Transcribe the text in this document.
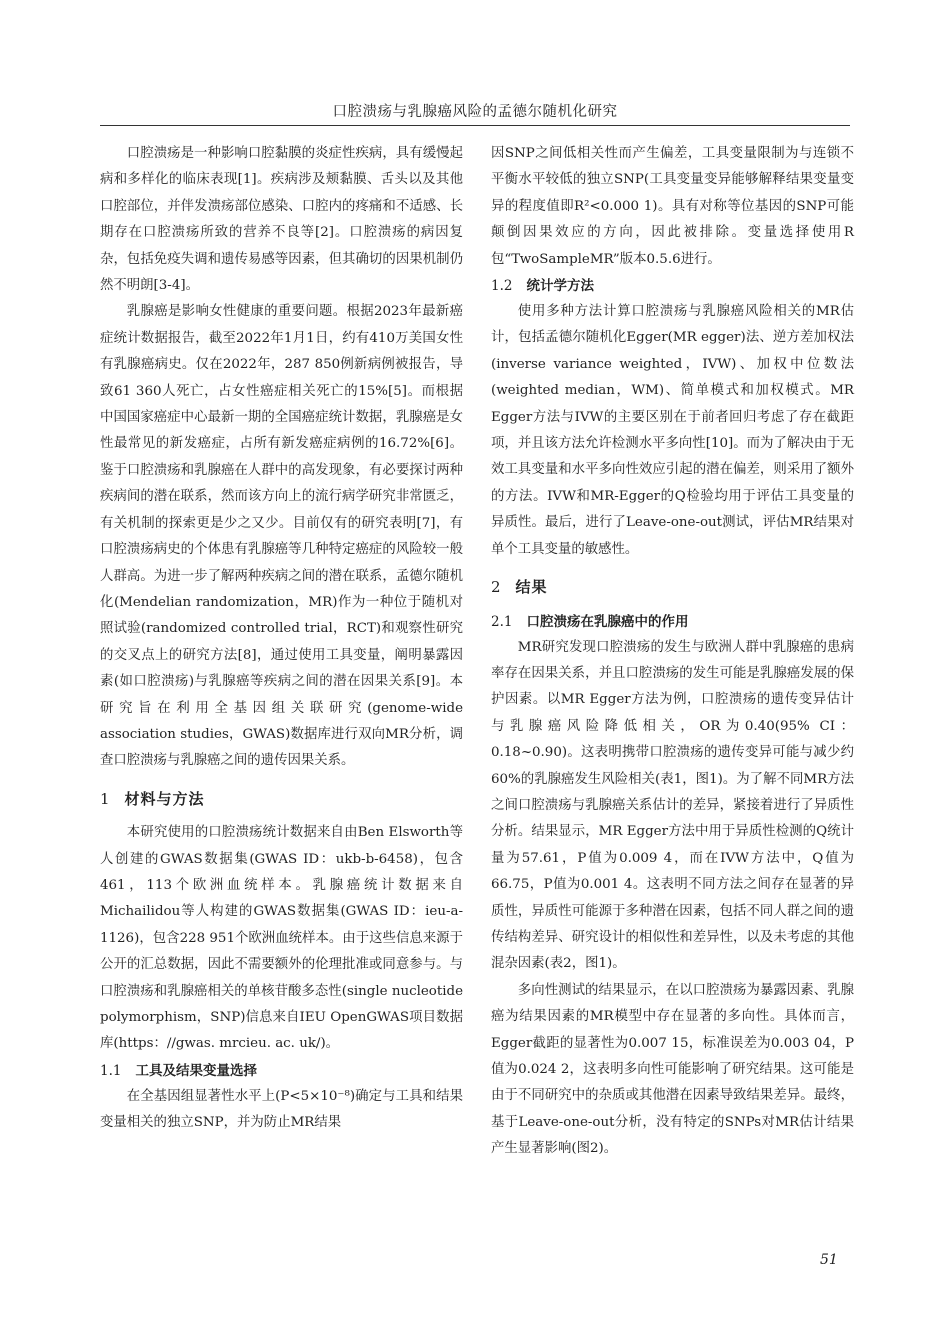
口腔溃疡与乳腺癌风险的孟德尔随机化研究

口腔溃疡是一种影响口腔黏膜的炎症性疾病，具有缓慢起病和多样化的临床表现[1]。疾病涉及颊黏膜、舌头以及其他口腔部位，并伴发溃疡部位感染、口腔内的疼痛和不适感、长期存在口腔溃疡所致的营养不良等[2]。口腔溃疡的病因复杂，包括免疫失调和遗传易感等因素，但其确切的因果机制仍然不明朗[3-4]。

乳腺癌是影响女性健康的重要问题。根据2023年最新癌症统计数据报告，截至2022年1月1日，约有410万美国女性有乳腺癌病史。仅在2022年，287 850例新病例被报告，导致61 360人死亡，占女性癌症相关死亡的15%[5]。而根据中国国家癌症中心最新一期的全国癌症统计数据，乳腺癌是女性最常见的新发癌症，占所有新发癌症病例的16.72%[6]。鉴于口腔溃疡和乳腺癌在人群中的高发现象，有必要探讨两种疾病间的潜在联系，然而该方向上的流行病学研究非常匮乏，有关机制的探索更是少之又少。目前仅有的研究表明[7]，有口腔溃疡病史的个体患有乳腺癌等几种特定癌症的风险较一般人群高。为进一步了解两种疾病之间的潜在联系，孟德尔随机化(Mendelian randomization，MR)作为一种位于随机对照试验(randomized controlled trial，RCT)和观察性研究的交叉点上的研究方法[8]，通过使用工具变量，阐明暴露因素(如口腔溃疡)与乳腺癌等疾病之间的潜在因果关系[9]。本研究旨在利用全基因组关联研究(genome-wide association studies，GWAS)数据库进行双向MR分析，调查口腔溃疡与乳腺癌之间的遗传因果关系。

1 材料与方法

本研究使用的口腔溃疡统计数据来自由Ben Elsworth等人创建的GWAS数据集(GWAS ID：ukb-b-6458)，包含461，113个欧洲血统样本。乳腺癌统计数据来自Michailidou等人构建的GWAS数据集(GWAS ID：ieu-a-1126)，包含228 951个欧洲血统样本。由于这些信息来源于公开的汇总数据，因此不需要额外的伦理批准或同意参与。与口腔溃疡和乳腺癌相关的单核苷酸多态性(single nucleotide polymorphism，SNP)信息来自IEU OpenGWAS项目数据库(https：//gwas. mrcieu. ac. uk/)。

1.1 工具及结果变量选择

在全基因组显著性水平上(P<5×10⁻⁸)确定与工具和结果变量相关的独立SNP，并为防止MR结果

因SNP之间低相关性而产生偏差，工具变量限制为与连锁不平衡水平较低的独立SNP(工具变量变异能够解释结果变量变异的程度值即R²<0.000 1)。具有对称等位基因的SNP可能颠倒因果效应的方向，因此被排除。变量选择使用R包“TwoSampleMR”版本0.5.6进行。

1.2 统计学方法

使用多种方法计算口腔溃疡与乳腺癌风险相关的MR估计，包括孟德尔随机化Egger(MR egger)法、逆方差加权法(inverse variance weighted，IVW)、加权中位数法(weighted median，WM)、简单模式和加权模式。MR Egger方法与IVW的主要区别在于前者回归考虑了存在截距项，并且该方法允许检测水平多向性[10]。而为了解决由于无效工具变量和水平多向性效应引起的潜在偏差，则采用了额外的方法。IVW和MR-Egger的Q检验均用于评估工具变量的异质性。最后，进行了Leave-one-out测试，评估MR结果对单个工具变量的敏感性。

2 结果
2.1 口腔溃疡在乳腺癌中的作用

MR研究发现口腔溃疡的发生与欧洲人群中乳腺癌的患病率存在因果关系，并且口腔溃疡的发生可能是乳腺癌发展的保护因素。以MR Egger方法为例，口腔溃疡的遗传变异估计与乳腺癌风险降低相关，OR为0.40(95% CI：0.18~0.90)。这表明携带口腔溃疡的遗传变异可能与减少约60%的乳腺癌发生风险相关(表1，图1)。为了解不同MR方法之间口腔溃疡与乳腺癌关系估计的差异，紧接着进行了异质性分析。结果显示，MR Egger方法中用于异质性检测的Q统计量为57.61，P值为0.009 4，而在IVW方法中，Q值为66.75，P值为0.001 4。这表明不同方法之间存在显著的异质性，异质性可能源于多种潜在因素，包括不同人群之间的遗传结构差异、研究设计的相似性和差异性，以及未考虑的其他混杂因素(表2，图1)。

多向性测试的结果显示，在以口腔溃疡为暴露因素、乳腺癌为结果因素的MR模型中存在显著的多向性。具体而言，Egger截距的显著性为0.007 15，标准误差为0.003 04，P值为0.024 2，这表明多向性可能影响了研究结果。这可能是由于不同研究中的杂质或其他潜在因素导致结果差异。最终，基于Leave-one-out分析，没有特定的SNPs对MR估计结果产生显著影响(图2)。

51
